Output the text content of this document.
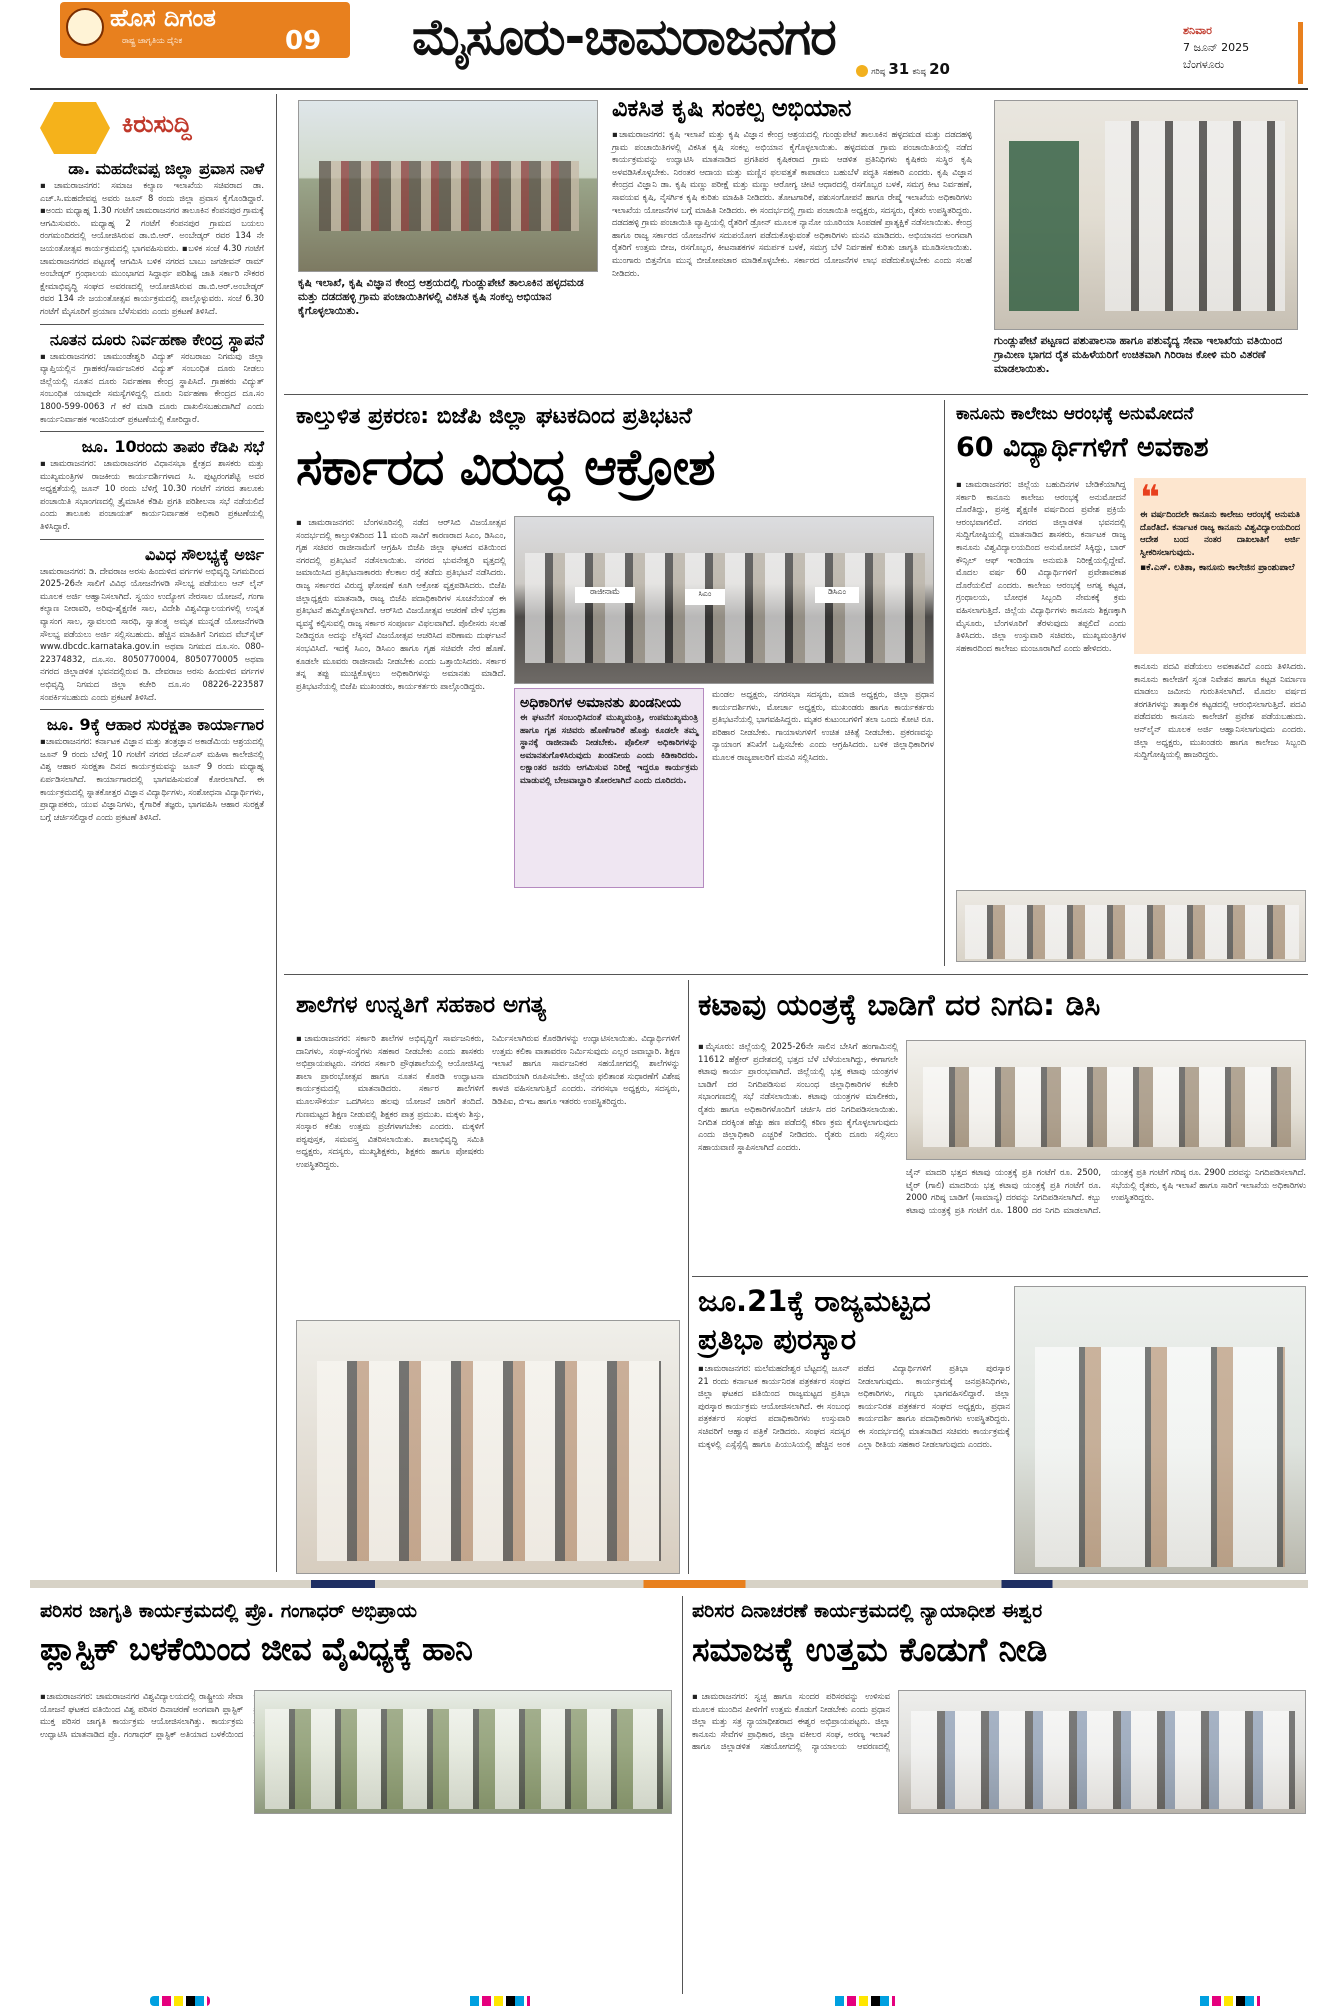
ಹೊಸ ದಿಗಂತ
ರಾಷ್ಟ್ರ ಜಾಗೃತಿಯ ದೈನಿಕ	09	ಮೈಸೂರು-ಚಾಮರಾಜನಗರ
ಗರಿಷ್ಠ 31 ಕನಿಷ್ಠ 20
ಶನಿವಾರ
7 ಜೂನ್ 2025
ಬೆಂಗಳೂರು
ಕಿರುಸುದ್ದಿ
ಡಾ. ಮಹದೇವಪ್ಪ ಜಿಲ್ಲಾ ಪ್ರವಾಸ ನಾಳೆ
▪ಚಾಮರಾಜನಗರ: ಸಮಾಜ ಕಲ್ಯಾಣ ಇಲಾಖೆಯ ಸಚಿವರಾದ ಡಾ. ಎಚ್.ಸಿ.ಮಹದೇವಪ್ಪ ಅವರು ಜೂನ್ 8 ರಂದು ಜಿಲ್ಲಾ ಪ್ರವಾಸ ಕೈಗೊಂಡಿದ್ದಾರೆ. ▪ಅಂದು ಮಧ್ಯಾಹ್ನ 1.30 ಗಂಟೆಗೆ ಚಾಮರಾಜನಗರ ತಾಲೂಕಿನ ಕೆಂಪನಪುರ ಗ್ರಾಮಕ್ಕೆ ಆಗಮಿಸುವರು. ಮಧ್ಯಾಹ್ನ 2 ಗಂಟೆಗೆ ಕೆಂಪನಪುರ ಗ್ರಾಮದ ಬಯಲು ರಂಗಮಂದಿರದಲ್ಲಿ ಆಯೋಜಿಸಿರುವ ಡಾ.ಬಿ.ಆರ್. ಅಂಬೇಡ್ಕರ್ ರವರ 134 ನೇ ಜಯಂತೋತ್ಸವ ಕಾರ್ಯಕ್ರಮದಲ್ಲಿ ಭಾಗವಹಿಸುವರು. ▪ಬಳಿಕ ಸಂಜೆ 4.30 ಗಂಟೆಗೆ ಚಾಮರಾಜನಗರದ ಪಟ್ಟಣಕ್ಕೆ ಆಗಮಿಸಿ ಬಳಿಕ ನಗರದ ಬಾಬು ಜಗಜೀವನ್ ರಾಮ್ ಅಂಬೇಡ್ಕರ್ ಗ್ರಂಥಾಲಯ ಮುಂಭಾಗದ ಸಿದ್ದಾರ್ಥ ಪರಿಶಿಷ್ಟ ಜಾತಿ ಸರ್ಕಾರಿ ನೌಕರರ ಕ್ಷೇಮಾಭಿವೃದ್ಧಿ ಸಂಘದ ಅವರಣದಲ್ಲಿ ಆಯೋಜಿಸಿರುವ ಡಾ.ಬಿ.ಆರ್.ಅಂಬೇಡ್ಕರ್ ರವರ 134 ನೇ ಜಯಂತೋತ್ಸವ ಕಾರ್ಯಕ್ರಮದಲ್ಲಿ ಪಾಲ್ಗೊಳ್ಳುವರು. ಸಂಜೆ 6.30 ಗಂಟೆಗೆ ಮೈಸೂರಿಗೆ ಪ್ರಯಾಣ ಬೆಳೆಸುವರು ಎಂದು ಪ್ರಕಟಣೆ ತಿಳಿಸಿದೆ.
ನೂತನ ದೂರು ನಿರ್ವಹಣಾ ಕೇಂದ್ರ ಸ್ಥಾಪನೆ
▪ಚಾಮರಾಜನಗರ: ಚಾಮುಂಡೇಶ್ವರಿ ವಿದ್ಯುತ್ ಸರಬರಾಜು ನಿಗಮವು ಜಿಲ್ಲಾ ವ್ಯಾಪ್ತಿಯಲ್ಲಿನ ಗ್ರಾಹಕರ/ಸಾರ್ವಜನಿಕರ ವಿದ್ಯುತ್ ಸಂಬಂಧಿತ ದೂರು ನೀಡಲು ಜಿಲ್ಲೆಯಲ್ಲಿ ನೂತನ ದೂರು ನಿರ್ವಹಣಾ ಕೇಂದ್ರ ಸ್ಥಾಪಿಸಿದೆ. ಗ್ರಾಹಕರು ವಿದ್ಯುತ್ ಸಂಬಂಧಿತ ಯಾವುದೇ ಸಮಸ್ಯೆಗಳಿದ್ದಲ್ಲಿ ದೂರು ನಿರ್ವಹಣಾ ಕೇಂದ್ರದ ದೂ.ಸಂ 1800-599-0063 ಗೆ ಕರೆ ಮಾಡಿ ದೂರು ದಾಖಲಿಸಬಹುದಾಗಿದೆ ಎಂದು ಕಾರ್ಯನಿರ್ವಾಹಕ ಇಂಜಿನಿಯರ್ ಪ್ರಕಟಣೆಯಲ್ಲಿ ಕೋರಿದ್ದಾರೆ.
ಜೂ. 10ರಂದು ತಾಪಂ ಕೆಡಿಪಿ ಸಭೆ
▪ಚಾಮರಾಜನಗರ: ಚಾಮರಾಜನಗರ ವಿಧಾನಸಭಾ ಕ್ಷೇತ್ರದ ಶಾಸಕರು ಮತ್ತು ಮುಖ್ಯಮಂತ್ರಿಗಳ ರಾಜಕೀಯ ಕಾರ್ಯದರ್ಶಿಗಳಾದ ಸಿ. ಪುಟ್ಟರಂಗಶೆಟ್ಟಿ ಅವರ ಅಧ್ಯಕ್ಷತೆಯಲ್ಲಿ ಜೂನ್ 10 ರಂದು ಬೆಳಿಗ್ಗೆ 10.30 ಗಂಟೆಗೆ ನಗರದ ತಾಲೂಕು ಪಂಚಾಯಿತಿ ಸಭಾಂಗಣದಲ್ಲಿ ತ್ರೈಮಾಸಿಕ ಕೆಡಿಪಿ ಪ್ರಗತಿ ಪರಿಶೀಲನಾ ಸಭೆ ನಡೆಯಲಿದೆ ಎಂದು ತಾಲೂಕು ಪಂಚಾಯತ್ ಕಾರ್ಯನಿರ್ವಾಹಕ ಅಧಿಕಾರಿ ಪ್ರಕಟಣೆಯಲ್ಲಿ ತಿಳಿಸಿದ್ದಾರೆ.
ವಿವಿಧ ಸೌಲಭ್ಯಕ್ಕೆ ಅರ್ಜಿ
ಚಾಮರಾಜನಗರ: ಡಿ. ದೇವರಾಜ ಅರಸು ಹಿಂದುಳಿದ ವರ್ಗಗಳ ಅಭಿವೃದ್ಧಿ ನಿಗಮದಿಂದ 2025-26ನೇ ಸಾಲಿಗೆ ವಿವಿಧ ಯೋಜನೆಗಳಡಿ ಸೌಲಭ್ಯ ಪಡೆಯಲು ಆನ್ ಲೈನ್ ಮೂಲಕ ಅರ್ಜಿ ಆಹ್ವಾನಿಸಲಾಗಿದೆ. ಸ್ವಯಂ ಉದ್ಯೋಗ ನೇರಸಾಲ ಯೋಜನೆ, ಗಂಗಾ ಕಲ್ಯಾಣ ನೀರಾವರಿ, ಅರಿವು-ಶೈಕ್ಷಣಿಕ ಸಾಲ, ವಿದೇಶಿ ವಿಶ್ವವಿದ್ಯಾಲಯಗಳಲ್ಲಿ ಉನ್ನತ ವ್ಯಾಸಂಗ ಸಾಲ, ಸ್ವಾವಲಂಬಿ ಸಾರಥಿ, ಸ್ವಾತಂತ್ರ್ಯ ಅಮೃತ ಮುನ್ನಡೆ ಯೋಜನೆಗಳಡಿ ಸೌಲಭ್ಯ ಪಡೆಯಲು ಅರ್ಜಿ ಸಲ್ಲಿಸಬಹುದು. ಹೆಚ್ಚಿನ ಮಾಹಿತಿಗೆ ನಿಗಮದ ವೆಬ್‌ಸೈಟ್ www.dbcdc.karnataka.gov.in ಅಥವಾ ನಿಗಮದ ದೂ.ಸಂ. 080-22374832, ದೂ.ಸಂ. 8050770004, 8050770005 ಅಥವಾ ನಗರದ ಜಿಲ್ಲಾಡಳಿತ ಭವನದಲ್ಲಿರುವ ಡಿ. ದೇವರಾಜ ಅರಸು ಹಿಂದುಳಿದ ವರ್ಗಗಳ ಅಭಿವೃದ್ಧಿ ನಿಗಮದ ಜಿಲ್ಲಾ ಕಚೇರಿ ದೂ.ಸಂ 08226-223587 ಸಂಪರ್ಕಿಸಬಹುದು ಎಂದು ಪ್ರಕಟಣೆ ತಿಳಿಸಿದೆ.
ಜೂ. 9ಕ್ಕೆ ಆಹಾರ ಸುರಕ್ಷತಾ ಕಾರ್ಯಾಗಾರ
▪ಚಾಮರಾಜನಗರ: ಕರ್ನಾಟಕ ವಿಜ್ಞಾನ ಮತ್ತು ತಂತ್ರಜ್ಞಾನ ಅಕಾಡೆಮಿಯ ಆಶ್ರಯದಲ್ಲಿ ಜೂನ್ 9 ರಂದು ಬೆಳಿಗ್ಗೆ 10 ಗಂಟೆಗೆ ನಗರದ ಜೆಎಸ್‌ಎಸ್ ಮಹಿಳಾ ಕಾಲೇಜಿನಲ್ಲಿ ವಿಶ್ವ ಆಹಾರ ಸುರಕ್ಷತಾ ದಿನದ ಕಾರ್ಯಕ್ರಮವನ್ನು ಜೂನ್ 9 ರಂದು ಮಧ್ಯಾಹ್ನ ಏರ್ಪಡಿಸಲಾಗಿದೆ. ಕಾರ್ಯಾಗಾರದಲ್ಲಿ ಭಾಗವಹಿಸುವಂತೆ ಕೋರಲಾಗಿದೆ. ಈ ಕಾರ್ಯಕ್ರಮದಲ್ಲಿ ಸ್ನಾತಕೋತ್ತರ ವಿಜ್ಞಾನ ವಿದ್ಯಾರ್ಥಿಗಳು, ಸಂಶೋಧನಾ ವಿದ್ಯಾರ್ಥಿಗಳು, ಪ್ರಾಧ್ಯಾಪಕರು, ಯುವ ವಿಜ್ಞಾನಿಗಳು, ಕೈಗಾರಿಕೆ ತಜ್ಞರು, ಭಾಗವಹಿಸಿ ಆಹಾರ ಸುರಕ್ಷತೆ ಬಗ್ಗೆ ಚರ್ಚಿಸಲಿದ್ದಾರೆ ಎಂದು ಪ್ರಕಟಣೆ ತಿಳಿಸಿದೆ.
ಕೃಷಿ ಇಲಾಖೆ, ಕೃಷಿ ವಿಜ್ಞಾನ ಕೇಂದ್ರ ಆಶ್ರಯದಲ್ಲಿ ಗುಂಡ್ಲುಪೇಟೆ ತಾಲೂಕಿನ ಹಳ್ಳದಮಡ ಮತ್ತು ದಡದಹಳ್ಳಿ ಗ್ರಾಮ ಪಂಚಾಯಿತಿಗಳಲ್ಲಿ ವಿಕಸಿತ ಕೃಷಿ ಸಂಕಲ್ಪ ಅಭಿಯಾನ ಕೈಗೊಳ್ಳಲಾಯಿತು.
ವಿಕಸಿತ ಕೃಷಿ ಸಂಕಲ್ಪ ಅಭಿಯಾನ
▪ಚಾಮರಾಜನಗರ: ಕೃಷಿ ಇಲಾಖೆ ಮತ್ತು ಕೃಷಿ ವಿಜ್ಞಾನ ಕೇಂದ್ರ ಆಶ್ರಯದಲ್ಲಿ ಗುಂಡ್ಲುಪೇಟೆ ತಾಲೂಕಿನ ಹಳ್ಳದಮಡ ಮತ್ತು ದಡದಹಳ್ಳಿ ಗ್ರಾಮ ಪಂಚಾಯಿತಿಗಳಲ್ಲಿ ವಿಕಸಿತ ಕೃಷಿ ಸಂಕಲ್ಪ ಅಭಿಯಾನ ಕೈಗೊಳ್ಳಲಾಯಿತು. ಹಳ್ಳದಮಡ ಗ್ರಾಮ ಪಂಚಾಯಿತಿಯಲ್ಲಿ ನಡೆದ ಕಾರ್ಯಕ್ರಮವನ್ನು ಉದ್ಘಾಟಿಸಿ ಮಾತನಾಡಿದ ಪ್ರಗತಿಪರ ಕೃಷಿಕರಾದ ಗ್ರಾಮ ಆಡಳಿತ ಪ್ರತಿನಿಧಿಗಳು ಕೃಷಿಕರು ಸುಸ್ಥಿರ ಕೃಷಿ ಅಳವಡಿಸಿಕೊಳ್ಳಬೇಕು. ನಿರಂತರ ಆದಾಯ ಮತ್ತು ಮಣ್ಣಿನ ಫಲವತ್ತತೆ ಕಾಪಾಡಲು ಬಹುಬೆಳೆ ಪದ್ಧತಿ ಸಹಕಾರಿ ಎಂದರು. ಕೃಷಿ ವಿಜ್ಞಾನ ಕೇಂದ್ರದ ವಿಜ್ಞಾನಿ ಡಾ. ಕೃಷಿ ಮಣ್ಣು ಪರೀಕ್ಷೆ ಮತ್ತು ಮಣ್ಣು ಆರೋಗ್ಯ ಚೀಟಿ ಆಧಾರದಲ್ಲಿ ರಸಗೊಬ್ಬರ ಬಳಕೆ, ಸಮಗ್ರ ಕೀಟ ನಿರ್ವಹಣೆ, ಸಾವಯವ ಕೃಷಿ, ನೈಸರ್ಗಿಕ ಕೃಷಿ ಕುರಿತು ಮಾಹಿತಿ ನೀಡಿದರು. ತೋಟಗಾರಿಕೆ, ಪಶುಸಂಗೋಪನೆ ಹಾಗೂ ರೇಷ್ಮೆ ಇಲಾಖೆಯ ಅಧಿಕಾರಿಗಳು ಇಲಾಖೆಯ ಯೋಜನೆಗಳ ಬಗ್ಗೆ ಮಾಹಿತಿ ನೀಡಿದರು. ಈ ಸಂದರ್ಭದಲ್ಲಿ ಗ್ರಾಮ ಪಂಚಾಯಿತಿ ಅಧ್ಯಕ್ಷರು, ಸದಸ್ಯರು, ರೈತರು ಉಪಸ್ಥಿತರಿದ್ದರು. ದಡದಹಳ್ಳಿ ಗ್ರಾಮ ಪಂಚಾಯಿತಿ ವ್ಯಾಪ್ತಿಯಲ್ಲಿ ರೈತರಿಗೆ ಡ್ರೋನ್ ಮೂಲಕ ನ್ಯಾನೋ ಯೂರಿಯಾ ಸಿಂಪಡಣೆ ಪ್ರಾತ್ಯಕ್ಷಿಕೆ ನಡೆಸಲಾಯಿತು. ಕೇಂದ್ರ ಹಾಗೂ ರಾಜ್ಯ ಸರ್ಕಾರದ ಯೋಜನೆಗಳ ಸದುಪಯೋಗ ಪಡೆದುಕೊಳ್ಳುವಂತೆ ಅಧಿಕಾರಿಗಳು ಮನವಿ ಮಾಡಿದರು. ಅಭಿಯಾನದ ಅಂಗವಾಗಿ ರೈತರಿಗೆ ಉತ್ತಮ ಬೀಜ, ರಸಗೊಬ್ಬರ, ಕೀಟನಾಶಕಗಳ ಸಮರ್ಪಕ ಬಳಕೆ, ಸಮಗ್ರ ಬೆಳೆ ನಿರ್ವಹಣೆ ಕುರಿತು ಜಾಗೃತಿ ಮೂಡಿಸಲಾಯಿತು. ಮುಂಗಾರು ಬಿತ್ತನೆಗೂ ಮುನ್ನ ಬೀಜೋಪಚಾರ ಮಾಡಿಕೊಳ್ಳಬೇಕು. ಸರ್ಕಾರದ ಯೋಜನೆಗಳ ಲಾಭ ಪಡೆದುಕೊಳ್ಳಬೇಕು ಎಂದು ಸಲಹೆ ನೀಡಿದರು.
ಗುಂಡ್ಲುಪೇಟೆ ಪಟ್ಟಣದ ಪಶುಪಾಲನಾ ಹಾಗೂ ಪಶುವೈದ್ಯ ಸೇವಾ ಇಲಾಖೆಯ ವತಿಯಿಂದ ಗ್ರಾಮೀಣ ಭಾಗದ ರೈತ ಮಹಿಳೆಯರಿಗೆ ಉಚಿತವಾಗಿ ಗಿರಿರಾಜ ಕೋಳಿ ಮರಿ ವಿತರಣೆ ಮಾಡಲಾಯಿತು.
ಕಾಲ್ತುಳಿತ ಪ್ರಕರಣ: ಬಿಜೆಪಿ ಜಿಲ್ಲಾ ಘಟಕದಿಂದ ಪ್ರತಿಭಟನೆ
ಸರ್ಕಾರದ ವಿರುದ್ಧ ಆಕ್ರೋಶ
▪ಚಾಮರಾಜನಗರ: ಬೆಂಗಳೂರಿನಲ್ಲಿ ನಡೆದ ಆರ್‌ಸಿಬಿ ವಿಜಯೋತ್ಸವ ಸಂದರ್ಭದಲ್ಲಿ ಕಾಲ್ತುಳಿತದಿಂದ 11 ಮಂದಿ ಸಾವಿಗೆ ಕಾರಣರಾದ ಸಿಎಂ, ಡಿಸಿಎಂ, ಗೃಹ ಸಚಿವರ ರಾಜೀನಾಮೆಗೆ ಆಗ್ರಹಿಸಿ ಬಿಜೆಪಿ ಜಿಲ್ಲಾ ಘಟಕದ ವತಿಯಿಂದ ನಗರದಲ್ಲಿ ಪ್ರತಿಭಟನೆ ನಡೆಸಲಾಯಿತು. ನಗರದ ಭುವನೇಶ್ವರಿ ವೃತ್ತದಲ್ಲಿ ಜಮಾಯಿಸಿದ ಪ್ರತಿಭಟನಾಕಾರರು ಕೆಲಕಾಲ ರಸ್ತೆ ತಡೆದು ಪ್ರತಿಭಟನೆ ನಡೆಸಿದರು. ರಾಜ್ಯ ಸರ್ಕಾರದ ವಿರುದ್ಧ ಘೋಷಣೆ ಕೂಗಿ ಆಕ್ರೋಶ ವ್ಯಕ್ತಪಡಿಸಿದರು. ಬಿಜೆಪಿ ಜಿಲ್ಲಾಧ್ಯಕ್ಷರು ಮಾತನಾಡಿ, ರಾಜ್ಯ ಬಿಜೆಪಿ ಪದಾಧಿಕಾರಿಗಳ ಸೂಚನೆಯಂತೆ ಈ ಪ್ರತಿಭಟನೆ ಹಮ್ಮಿಕೊಳ್ಳಲಾಗಿದೆ. ಆರ್‌ಸಿಬಿ ವಿಜಯೋತ್ಸವ ಆಚರಣೆ ವೇಳೆ ಭದ್ರತಾ ವ್ಯವಸ್ಥೆ ಕಲ್ಪಿಸುವಲ್ಲಿ ರಾಜ್ಯ ಸರ್ಕಾರ ಸಂಪೂರ್ಣ ವಿಫಲವಾಗಿದೆ. ಪೊಲೀಸರು ಸಲಹೆ ನೀಡಿದ್ದರೂ ಅದನ್ನು ಲೆಕ್ಕಿಸದೆ ವಿಜಯೋತ್ಸವ ಆಚರಿಸಿದ ಪರಿಣಾಮ ದುರ್ಘಟನೆ ಸಂಭವಿಸಿದೆ. ಇದಕ್ಕೆ ಸಿಎಂ, ಡಿಸಿಎಂ ಹಾಗೂ ಗೃಹ ಸಚಿವರೇ ನೇರ ಹೊಣೆ. ಕೂಡಲೇ ಮೂವರು ರಾಜೀನಾಮೆ ನೀಡಬೇಕು ಎಂದು ಒತ್ತಾಯಿಸಿದರು. ಸರ್ಕಾರ ತನ್ನ ತಪ್ಪು ಮುಚ್ಚಿಕೊಳ್ಳಲು ಅಧಿಕಾರಿಗಳನ್ನು ಅಮಾನತು ಮಾಡಿದೆ. ಪ್ರತಿಭಟನೆಯಲ್ಲಿ ಬಿಜೆಪಿ ಮುಖಂಡರು, ಕಾರ್ಯಕರ್ತರು ಪಾಲ್ಗೊಂಡಿದ್ದರು.
ರಾಜೀನಾಮೆ	ಸಿಎಂ	ಡಿಸಿಎಂ
ಅಧಿಕಾರಿಗಳ ಅಮಾನತು ಖಂಡನೀಯ
ಈ ಘಟನೆಗೆ ಸಂಬಂಧಿಸಿದಂತೆ ಮುಖ್ಯಮಂತ್ರಿ, ಉಪಮುಖ್ಯಮಂತ್ರಿ ಹಾಗೂ ಗೃಹ ಸಚಿವರು ಹೊಣೆಗಾರಿಕೆ ಹೊತ್ತು ಕೂಡಲೇ ತಮ್ಮ ಸ್ಥಾನಕ್ಕೆ ರಾಜೀನಾಮೆ ನೀಡಬೇಕು. ಪೊಲೀಸ್ ಅಧಿಕಾರಿಗಳನ್ನು ಅಮಾನತುಗೊಳಿಸಿರುವುದು ಖಂಡನೀಯ ಎಂದು ಕಿಡಿಕಾರಿದರು. ಲಕ್ಷಾಂತರ ಜನರು ಆಗಮಿಸುವ ನಿರೀಕ್ಷೆ ಇದ್ದರೂ ಕಾರ್ಯಕ್ರಮ ಮಾಡುವಲ್ಲಿ ಬೇಜವಾಬ್ದಾರಿ ತೋರಲಾಗಿದೆ ಎಂದು ದೂರಿದರು.
ಮಂಡಲ ಅಧ್ಯಕ್ಷರು, ನಗರಸಭಾ ಸದಸ್ಯರು, ಮಾಜಿ ಅಧ್ಯಕ್ಷರು, ಜಿಲ್ಲಾ ಪ್ರಧಾನ ಕಾರ್ಯದರ್ಶಿಗಳು, ಮೋರ್ಚಾ ಅಧ್ಯಕ್ಷರು, ಮುಖಂಡರು ಹಾಗೂ ಕಾರ್ಯಕರ್ತರು ಪ್ರತಿಭಟನೆಯಲ್ಲಿ ಭಾಗವಹಿಸಿದ್ದರು. ಮೃತರ ಕುಟುಂಬಗಳಿಗೆ ತಲಾ ಒಂದು ಕೋಟಿ ರೂ. ಪರಿಹಾರ ನೀಡಬೇಕು. ಗಾಯಾಳುಗಳಿಗೆ ಉಚಿತ ಚಿಕಿತ್ಸೆ ನೀಡಬೇಕು. ಪ್ರಕರಣವನ್ನು ನ್ಯಾಯಾಂಗ ತನಿಖೆಗೆ ಒಪ್ಪಿಸಬೇಕು ಎಂದು ಆಗ್ರಹಿಸಿದರು. ಬಳಿಕ ಜಿಲ್ಲಾಧಿಕಾರಿಗಳ ಮೂಲಕ ರಾಜ್ಯಪಾಲರಿಗೆ ಮನವಿ ಸಲ್ಲಿಸಿದರು.
ಕಾನೂನು ಕಾಲೇಜು ಆರಂಭಕ್ಕೆ ಅನುಮೋದನೆ
60 ವಿದ್ಯಾರ್ಥಿಗಳಿಗೆ ಅವಕಾಶ
▪ಚಾಮರಾಜನಗರ: ಜಿಲ್ಲೆಯ ಬಹುದಿನಗಳ ಬೇಡಿಕೆಯಾಗಿದ್ದ ಸರ್ಕಾರಿ ಕಾನೂನು ಕಾಲೇಜು ಆರಂಭಕ್ಕೆ ಅನುಮೋದನೆ ದೊರೆತಿದ್ದು, ಪ್ರಸಕ್ತ ಶೈಕ್ಷಣಿಕ ವರ್ಷದಿಂದ ಪ್ರವೇಶ ಪ್ರಕ್ರಿಯೆ ಆರಂಭವಾಗಲಿದೆ. ನಗರದ ಜಿಲ್ಲಾಡಳಿತ ಭವನದಲ್ಲಿ ಸುದ್ದಿಗೋಷ್ಠಿಯಲ್ಲಿ ಮಾತನಾಡಿದ ಶಾಸಕರು, ಕರ್ನಾಟಕ ರಾಜ್ಯ ಕಾನೂನು ವಿಶ್ವವಿದ್ಯಾಲಯದಿಂದ ಅನುಮೋದನೆ ಸಿಕ್ಕಿದ್ದು, ಬಾರ್ ಕೌನ್ಸಿಲ್ ಆಫ್ ಇಂಡಿಯಾ ಅನುಮತಿ ನಿರೀಕ್ಷೆಯಲ್ಲಿದ್ದೇವೆ. ಮೊದಲ ವರ್ಷ 60 ವಿದ್ಯಾರ್ಥಿಗಳಿಗೆ ಪ್ರವೇಶಾವಕಾಶ ದೊರೆಯಲಿದೆ ಎಂದರು. ಕಾಲೇಜು ಆರಂಭಕ್ಕೆ ಅಗತ್ಯ ಕಟ್ಟಡ, ಗ್ರಂಥಾಲಯ, ಬೋಧಕ ಸಿಬ್ಬಂದಿ ನೇಮಕಕ್ಕೆ ಕ್ರಮ ವಹಿಸಲಾಗುತ್ತಿದೆ. ಜಿಲ್ಲೆಯ ವಿದ್ಯಾರ್ಥಿಗಳು ಕಾನೂನು ಶಿಕ್ಷಣಕ್ಕಾಗಿ ಮೈಸೂರು, ಬೆಂಗಳೂರಿಗೆ ತೆರಳುವುದು ತಪ್ಪಲಿದೆ ಎಂದು ತಿಳಿಸಿದರು. ಜಿಲ್ಲಾ ಉಸ್ತುವಾರಿ ಸಚಿವರು, ಮುಖ್ಯಮಂತ್ರಿಗಳ ಸಹಕಾರದಿಂದ ಕಾಲೇಜು ಮಂಜೂರಾಗಿದೆ ಎಂದು ಹೇಳಿದರು.
❝
ಈ ವರ್ಷದಿಂದಲೇ ಕಾನೂನು ಕಾಲೇಜು ಆರಂಭಕ್ಕೆ ಅನುಮತಿ ದೊರೆತಿದೆ. ಕರ್ನಾಟಕ ರಾಜ್ಯ ಕಾನೂನು ವಿಶ್ವವಿದ್ಯಾಲಯದಿಂದ ಆದೇಶ ಬಂದ ನಂತರ ದಾಖಲಾತಿಗೆ ಅರ್ಜಿ ಸ್ವೀಕರಿಸಲಾಗುವುದು.
▪ಕೆ.ಎಸ್. ಲತಿತಾ, ಕಾನೂನು ಕಾಲೇಜಿನ ಪ್ರಾಂಶುಪಾಲೆ
ಕಾನೂನು ಪದವಿ ಪಡೆಯಲು ಅವಕಾಶವಿದೆ ಎಂದು ತಿಳಿಸಿದರು. ಕಾನೂನು ಕಾಲೇಜಿಗೆ ಸ್ವಂತ ನಿವೇಶನ ಹಾಗೂ ಕಟ್ಟಡ ನಿರ್ಮಾಣ ಮಾಡಲು ಜಮೀನು ಗುರುತಿಸಲಾಗಿದೆ. ಮೊದಲ ವರ್ಷದ ತರಗತಿಗಳನ್ನು ತಾತ್ಕಾಲಿಕ ಕಟ್ಟಡದಲ್ಲಿ ಆರಂಭಿಸಲಾಗುತ್ತಿದೆ. ಪದವಿ ಪಡೆದವರು ಕಾನೂನು ಕಾಲೇಜಿಗೆ ಪ್ರವೇಶ ಪಡೆಯಬಹುದು. ಆನ್‌ಲೈನ್ ಮೂಲಕ ಅರ್ಜಿ ಆಹ್ವಾನಿಸಲಾಗುವುದು ಎಂದರು. ಜಿಲ್ಲಾ ಅಧ್ಯಕ್ಷರು, ಮುಖಂಡರು ಹಾಗೂ ಕಾಲೇಜು ಸಿಬ್ಬಂದಿ ಸುದ್ದಿಗೋಷ್ಠಿಯಲ್ಲಿ ಹಾಜರಿದ್ದರು.
ಶಾಲೆಗಳ ಉನ್ನತಿಗೆ ಸಹಕಾರ ಅಗತ್ಯ
▪ಚಾಮರಾಜನಗರ: ಸರ್ಕಾರಿ ಶಾಲೆಗಳ ಅಭಿವೃದ್ಧಿಗೆ ಸಾರ್ವಜನಿಕರು, ದಾನಿಗಳು, ಸಂಘ-ಸಂಸ್ಥೆಗಳು ಸಹಕಾರ ನೀಡಬೇಕು ಎಂದು ಶಾಸಕರು ಅಭಿಪ್ರಾಯಪಟ್ಟರು. ನಗರದ ಸರ್ಕಾರಿ ಪ್ರೌಢಶಾಲೆಯಲ್ಲಿ ಆಯೋಜಿಸಿದ್ದ ಶಾಲಾ ಪ್ರಾರಂಭೋತ್ಸವ ಹಾಗೂ ನೂತನ ಕೊಠಡಿ ಉದ್ಘಾಟನಾ ಕಾರ್ಯಕ್ರಮದಲ್ಲಿ ಮಾತನಾಡಿದರು. ಸರ್ಕಾರ ಶಾಲೆಗಳಿಗೆ ಮೂಲಸೌಕರ್ಯ ಒದಗಿಸಲು ಹಲವು ಯೋಜನೆ ಜಾರಿಗೆ ತಂದಿದೆ. ಗುಣಮಟ್ಟದ ಶಿಕ್ಷಣ ನೀಡುವಲ್ಲಿ ಶಿಕ್ಷಕರ ಪಾತ್ರ ಪ್ರಮುಖ. ಮಕ್ಕಳು ಶಿಸ್ತು, ಸಂಸ್ಕಾರ ಕಲಿತು ಉತ್ತಮ ಪ್ರಜೆಗಳಾಗಬೇಕು ಎಂದರು. ಮಕ್ಕಳಿಗೆ ಪಠ್ಯಪುಸ್ತಕ, ಸಮವಸ್ತ್ರ ವಿತರಿಸಲಾಯಿತು. ಶಾಲಾಭಿವೃದ್ಧಿ ಸಮಿತಿ ಅಧ್ಯಕ್ಷರು, ಸದಸ್ಯರು, ಮುಖ್ಯಶಿಕ್ಷಕರು, ಶಿಕ್ಷಕರು ಹಾಗೂ ಪೋಷಕರು ಉಪಸ್ಥಿತರಿದ್ದರು.
ನಿರ್ಮಿಸಲಾಗಿರುವ ಕೊಠಡಿಗಳನ್ನು ಉದ್ಘಾಟಿಸಲಾಯಿತು. ವಿದ್ಯಾರ್ಥಿಗಳಿಗೆ ಉತ್ತಮ ಕಲಿಕಾ ವಾತಾವರಣ ನಿರ್ಮಿಸುವುದು ಎಲ್ಲರ ಜವಾಬ್ದಾರಿ. ಶಿಕ್ಷಣ ಇಲಾಖೆ ಹಾಗೂ ಸಾರ್ವಜನಿಕರ ಸಹಯೋಗದಲ್ಲಿ ಶಾಲೆಗಳನ್ನು ಮಾದರಿಯಾಗಿ ರೂಪಿಸಬೇಕು. ಜಿಲ್ಲೆಯ ಫಲಿತಾಂಶ ಸುಧಾರಣೆಗೆ ವಿಶೇಷ ಕಾಳಜಿ ವಹಿಸಲಾಗುತ್ತಿದೆ ಎಂದರು. ನಗರಸಭಾ ಅಧ್ಯಕ್ಷರು, ಸದಸ್ಯರು, ಡಿಡಿಪಿಐ, ಬಿಇಒ ಹಾಗೂ ಇತರರು ಉಪಸ್ಥಿತರಿದ್ದರು.
ಕಟಾವು ಯಂತ್ರಕ್ಕೆ ಬಾಡಿಗೆ ದರ ನಿಗದಿ: ಡಿಸಿ
▪ಮೈಸೂರು: ಜಿಲ್ಲೆಯಲ್ಲಿ 2025-26ನೇ ಸಾಲಿನ ಬೇಸಿಗೆ ಹಂಗಾಮಿನಲ್ಲಿ 11612 ಹೆಕ್ಟೇರ್ ಪ್ರದೇಶದಲ್ಲಿ ಭತ್ತದ ಬೆಳೆ ಬೆಳೆಯಲಾಗಿದ್ದು, ಈಗಾಗಲೇ ಕಟಾವು ಕಾರ್ಯ ಪ್ರಾರಂಭವಾಗಿದೆ. ಜಿಲ್ಲೆಯಲ್ಲಿ ಭತ್ತ ಕಟಾವು ಯಂತ್ರಗಳ ಬಾಡಿಗೆ ದರ ನಿಗದಿಪಡಿಸುವ ಸಂಬಂಧ ಜಿಲ್ಲಾಧಿಕಾರಿಗಳ ಕಚೇರಿ ಸಭಾಂಗಣದಲ್ಲಿ ಸಭೆ ನಡೆಸಲಾಯಿತು. ಕಟಾವು ಯಂತ್ರಗಳ ಮಾಲೀಕರು, ರೈತರು ಹಾಗೂ ಅಧಿಕಾರಿಗಳೊಂದಿಗೆ ಚರ್ಚಿಸಿ ದರ ನಿಗದಿಪಡಿಸಲಾಯಿತು. ನಿಗದಿತ ದರಕ್ಕಿಂತ ಹೆಚ್ಚು ಹಣ ಪಡೆದಲ್ಲಿ ಕಠಿಣ ಕ್ರಮ ಕೈಗೊಳ್ಳಲಾಗುವುದು ಎಂದು ಜಿಲ್ಲಾಧಿಕಾರಿ ಎಚ್ಚರಿಕೆ ನೀಡಿದರು. ರೈತರು ದೂರು ಸಲ್ಲಿಸಲು ಸಹಾಯವಾಣಿ ಸ್ಥಾಪಿಸಲಾಗಿದೆ ಎಂದರು.
ಚೈನ್ ಮಾದರಿ ಭತ್ತದ ಕಟಾವು ಯಂತ್ರಕ್ಕೆ ಪ್ರತಿ ಗಂಟೆಗೆ ರೂ. 2500, ಟೈರ್ (ಗಾಲಿ) ಮಾದರಿಯ ಭತ್ತ ಕಟಾವು ಯಂತ್ರಕ್ಕೆ ಪ್ರತಿ ಗಂಟೆಗೆ ರೂ. 2000 ಗರಿಷ್ಠ ಬಾಡಿಗೆ (ಸಾಮಾನ್ಯ) ದರವನ್ನು ನಿಗದಿಪಡಿಸಲಾಗಿದೆ. ಕಬ್ಬು ಕಟಾವು ಯಂತ್ರಕ್ಕೆ ಪ್ರತಿ ಗಂಟೆಗೆ ರೂ. 1800 ದರ ನಿಗದಿ ಮಾಡಲಾಗಿದೆ. ಯಂತ್ರಕ್ಕೆ ಪ್ರತಿ ಗಂಟೆಗೆ ಗರಿಷ್ಠ ರೂ. 2900 ದರವನ್ನು ನಿಗದಿಪಡಿಸಲಾಗಿದೆ. ಸಭೆಯಲ್ಲಿ ರೈತರು, ಕೃಷಿ ಇಲಾಖೆ ಹಾಗೂ ಸಾರಿಗೆ ಇಲಾಖೆಯ ಅಧಿಕಾರಿಗಳು ಉಪಸ್ಥಿತರಿದ್ದರು.
ಜೂ.21ಕ್ಕೆ ರಾಜ್ಯಮಟ್ಟದ ಪ್ರತಿಭಾ ಪುರಸ್ಕಾರ
▪ಚಾಮರಾಜನಗರ: ಮಲೆಮಹದೇಶ್ವರ ಬೆಟ್ಟದಲ್ಲಿ ಜೂನ್ 21 ರಂದು ಕರ್ನಾಟಕ ಕಾರ್ಯನಿರತ ಪತ್ರಕರ್ತರ ಸಂಘದ ಜಿಲ್ಲಾ ಘಟಕದ ವತಿಯಿಂದ ರಾಜ್ಯಮಟ್ಟದ ಪ್ರತಿಭಾ ಪುರಸ್ಕಾರ ಕಾರ್ಯಕ್ರಮ ಆಯೋಜಿಸಲಾಗಿದೆ. ಈ ಸಂಬಂಧ ಪತ್ರಕರ್ತರ ಸಂಘದ ಪದಾಧಿಕಾರಿಗಳು ಉಸ್ತುವಾರಿ ಸಚಿವರಿಗೆ ಆಹ್ವಾನ ಪತ್ರಿಕೆ ನೀಡಿದರು. ಸಂಘದ ಸದಸ್ಯರ ಮಕ್ಕಳಲ್ಲಿ ಎಸ್ಸೆಸ್ಸೆಲ್ಸಿ ಹಾಗೂ ಪಿಯುಸಿಯಲ್ಲಿ ಹೆಚ್ಚಿನ ಅಂಕ ಪಡೆದ ವಿದ್ಯಾರ್ಥಿಗಳಿಗೆ ಪ್ರತಿಭಾ ಪುರಸ್ಕಾರ ನೀಡಲಾಗುವುದು. ಕಾರ್ಯಕ್ರಮಕ್ಕೆ ಜನಪ್ರತಿನಿಧಿಗಳು, ಅಧಿಕಾರಿಗಳು, ಗಣ್ಯರು ಭಾಗವಹಿಸಲಿದ್ದಾರೆ. ಜಿಲ್ಲಾ ಕಾರ್ಯನಿರತ ಪತ್ರಕರ್ತರ ಸಂಘದ ಅಧ್ಯಕ್ಷರು, ಪ್ರಧಾನ ಕಾರ್ಯದರ್ಶಿ ಹಾಗೂ ಪದಾಧಿಕಾರಿಗಳು ಉಪಸ್ಥಿತರಿದ್ದರು. ಈ ಸಂದರ್ಭದಲ್ಲಿ ಮಾತನಾಡಿದ ಸಚಿವರು ಕಾರ್ಯಕ್ರಮಕ್ಕೆ ಎಲ್ಲಾ ರೀತಿಯ ಸಹಕಾರ ನೀಡಲಾಗುವುದು ಎಂದರು.
ಪರಿಸರ ಜಾಗೃತಿ ಕಾರ್ಯಕ್ರಮದಲ್ಲಿ ಪ್ರೊ. ಗಂಗಾಧರ್ ಅಭಿಪ್ರಾಯ
ಪ್ಲಾಸ್ಟಿಕ್ ಬಳಕೆಯಿಂದ ಜೀವ ವೈವಿಧ್ಯಕ್ಕೆ ಹಾನಿ
▪ಚಾಮರಾಜನಗರ: ಚಾಮರಾಜನಗರ ವಿಶ್ವವಿದ್ಯಾಲಯದಲ್ಲಿ ರಾಷ್ಟ್ರೀಯ ಸೇವಾ ಯೋಜನೆ ಘಟಕದ ವತಿಯಿಂದ ವಿಶ್ವ ಪರಿಸರ ದಿನಾಚರಣೆ ಅಂಗವಾಗಿ ಪ್ಲಾಸ್ಟಿಕ್ ಮುಕ್ತ ಪರಿಸರ ಜಾಗೃತಿ ಕಾರ್ಯಕ್ರಮ ಆಯೋಜಿಸಲಾಗಿತ್ತು. ಕಾರ್ಯಕ್ರಮ ಉದ್ಘಾಟಿಸಿ ಮಾತನಾಡಿದ ಪ್ರೊ. ಗಂಗಾಧರ್ ಪ್ಲಾಸ್ಟಿಕ್ ಅತಿಯಾದ ಬಳಕೆಯಿಂದ
ಪರಿಸರ ದಿನಾಚರಣೆ ಕಾರ್ಯಕ್ರಮದಲ್ಲಿ ನ್ಯಾಯಾಧೀಶ ಈಶ್ವರ
ಸಮಾಜಕ್ಕೆ ಉತ್ತಮ ಕೊಡುಗೆ ನೀಡಿ
▪ಚಾಮರಾಜನಗರ: ಸ್ವಚ್ಛ ಹಾಗೂ ಸುಂದರ ಪರಿಸರವನ್ನು ಉಳಿಸುವ ಮೂಲಕ ಮುಂದಿನ ಪೀಳಿಗೆಗೆ ಉತ್ತಮ ಕೊಡುಗೆ ನೀಡಬೇಕು ಎಂದು ಪ್ರಧಾನ ಜಿಲ್ಲಾ ಮತ್ತು ಸತ್ರ ನ್ಯಾಯಾಧೀಶರಾದ ಈಶ್ವರ ಅಭಿಪ್ರಾಯಪಟ್ಟರು. ಜಿಲ್ಲಾ ಕಾನೂನು ಸೇವೆಗಳ ಪ್ರಾಧಿಕಾರ, ಜಿಲ್ಲಾ ವಕೀಲರ ಸಂಘ, ಅರಣ್ಯ ಇಲಾಖೆ ಹಾಗೂ ಜಿಲ್ಲಾಡಳಿತ ಸಹಯೋಗದಲ್ಲಿ ನ್ಯಾಯಾಲಯ ಆವರಣದಲ್ಲಿ
